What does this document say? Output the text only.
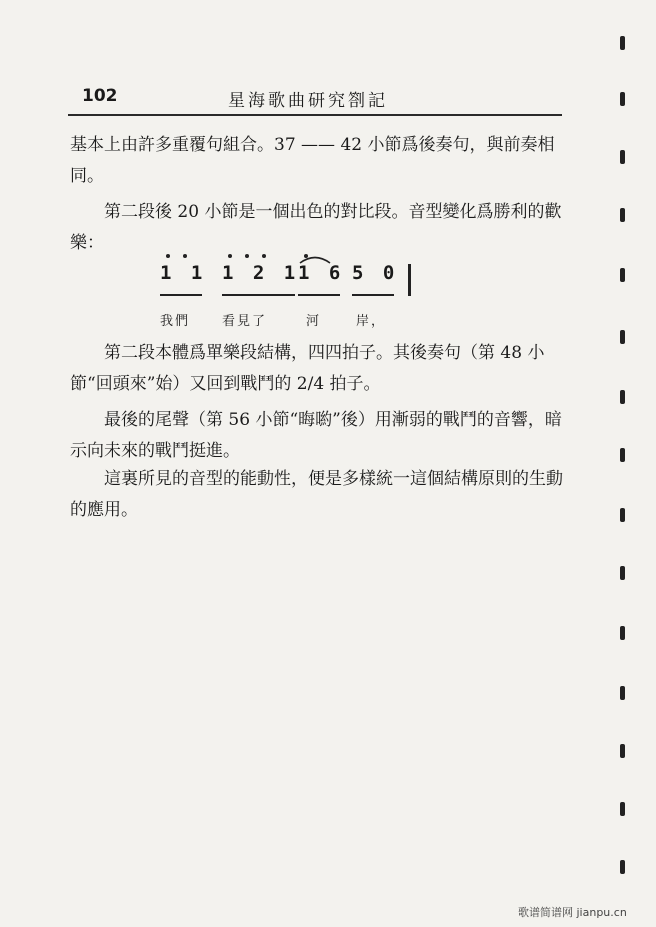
102	星海歌曲研究劄記

基本上由許多重覆句組合。37 —— 42 小節爲後奏句，與前奏相同。

第二段後 20 小節是一個出色的對比段。音型變化爲勝利的歡樂：

1 1 1 2 1
1 6 5 0
我們 看見了	河	岸，

第二段本體爲單樂段結構，四四拍子。其後奏句（第 48 小節“回頭來”始）又回到戰鬥的 2/4 拍子。

最後的尾聲（第 56 小節“晦喲”後）用漸弱的戰鬥的音響，暗示向未來的戰鬥挺進。

這裏所見的音型的能動性，便是多樣統一這個結構原則的生動的應用。

歌谱简谱网 jianpu.cn
